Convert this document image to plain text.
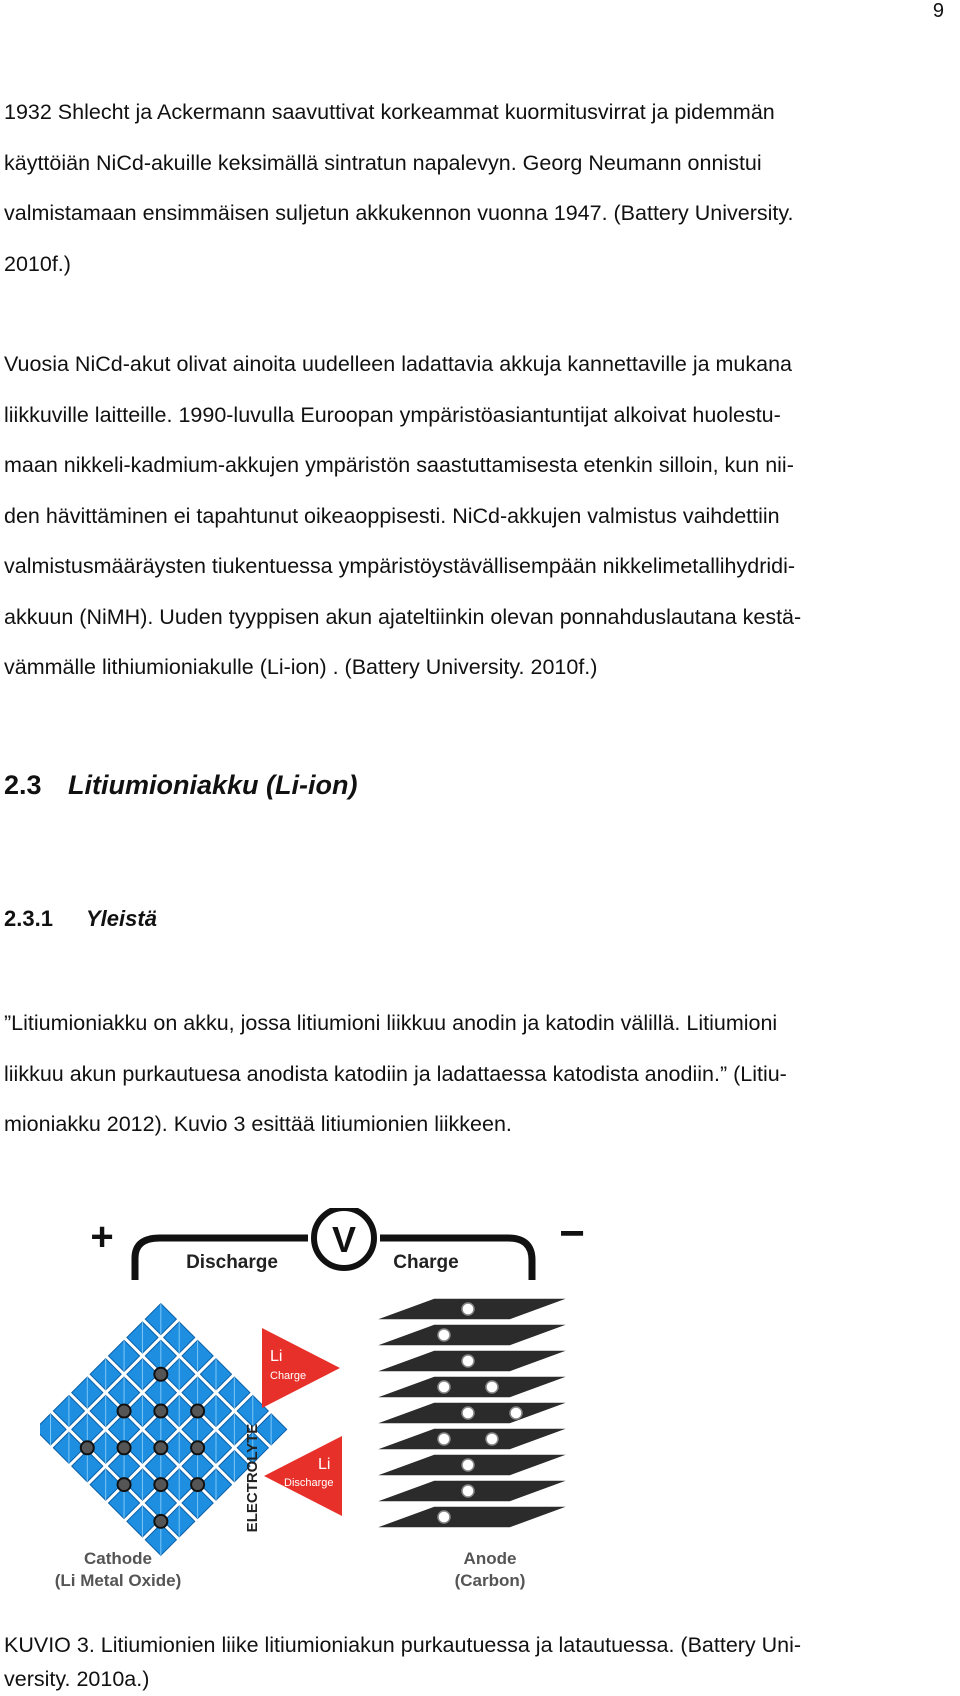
9
1932 Shlecht ja Ackermann saavuttivat korkeammat kuormitusvirrat ja pidemmän
käyttöiän NiCd-akuille keksimällä sintratun napalevyn. Georg Neumann onnistui
valmistamaan ensimmäisen suljetun akkukennon vuonna 1947. (Battery University.
2010f.)
Vuosia NiCd-akut olivat ainoita uudelleen ladattavia akkuja kannettaville ja mukana
liikkuville laitteille. 1990-luvulla Euroopan ympäristöasiantuntijat alkoivat huolestu-
maan nikkeli-kadmium-akkujen ympäristön saastuttamisesta etenkin silloin, kun nii-
den hävittäminen ei tapahtunut oikeaoppisesti. NiCd-akkujen valmistus vaihdettiin
valmistusmääräysten tiukentuessa ympäristöystävällisempään nikkelimetallihydridi-
akkuun (NiMH). Uuden tyyppisen akun ajateltiinkin olevan ponnahduslautana kestä-
vämmälle lithiumioniakulle (Li-ion) . (Battery University. 2010f.)
2.3 Litiumioniakku (Li-ion)
2.3.1 Yleistä
”Litiumioniakku on akku, jossa litiumioni liikkuu anodin ja katodin välillä. Litiumioni
liikkuu akun purkautuesa anodista katodiin ja ladattaessa katodista anodiin.” (Litiu-
mioniakku 2012). Kuvio 3 esittää litiumionien liikkeen.
V
+	−
Discharge	Charge
ELECTROLYTE
Li
Charge
Li
Discharge
Cathode
(Li Metal Oxide)
Anode
(Carbon)
KUVIO 3. Litiumionien liike litiumioniakun purkautuessa ja latautuessa. (Battery Uni-
versity. 2010a.)
